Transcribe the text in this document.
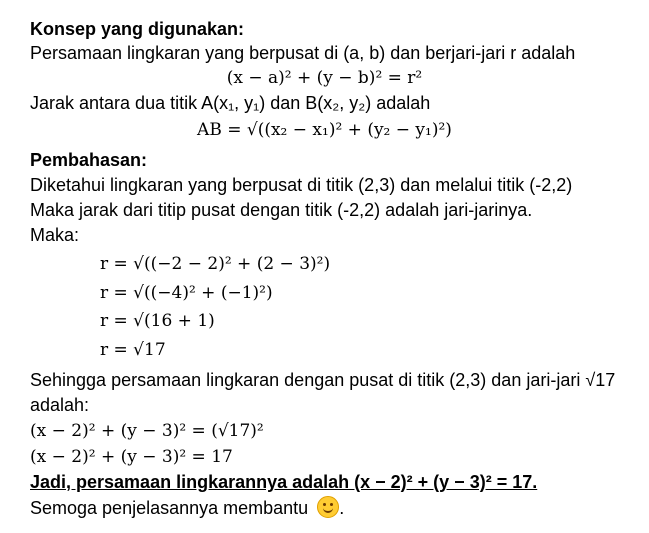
Konsep yang digunakan:
Persamaan lingkaran yang berpusat di (a, b) dan berjari-jari r adalah
(x − a)² + (y − b)² = r²
Jarak antara dua titik A(x₁, y₁) dan B(x₂, y₂) adalah
AB = √((x₂ − x₁)² + (y₂ − y₁)²)
Pembahasan:
Diketahui lingkaran yang berpusat di titik (2,3) dan melalui titik (-2,2)
Maka jarak dari titip pusat dengan titik (-2,2) adalah jari-jarinya.
Maka:
r = √((−2 − 2)² + (2 − 3)²)
r = √((−4)² + (−1)²)
r = √(16 + 1)
r = √17
Sehingga persamaan lingkaran dengan pusat di titik (2,3) dan jari-jari √17
adalah:
(x − 2)² + (y − 3)² = (√17)²
(x − 2)² + (y − 3)² = 17
Jadi, persamaan lingkarannya adalah (x − 2)² + (y − 3)² = 17.
Semoga penjelasannya membantu .
